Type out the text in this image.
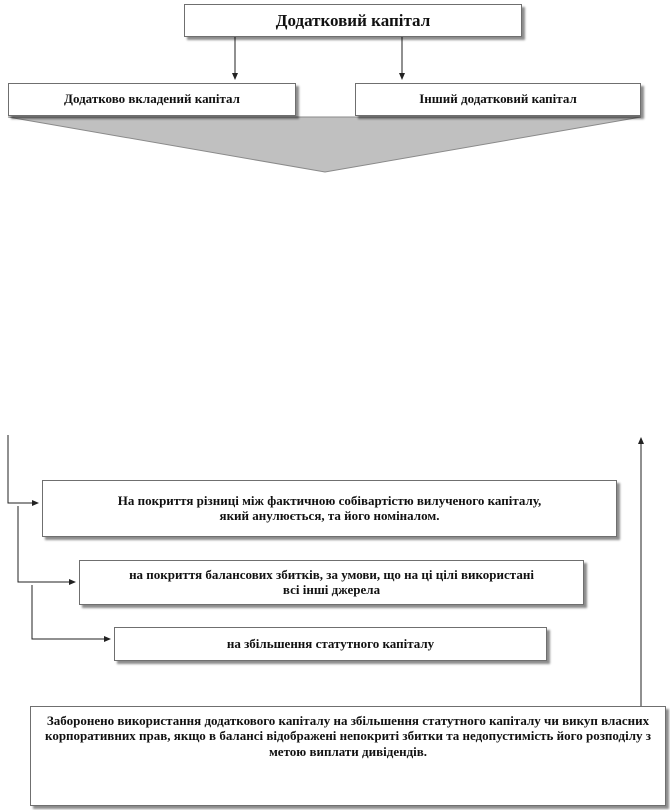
Додатковий капітал
Додатково вкладений капітал	Інший додатковий капітал
На покриття різниці між фактичною собівартістю вилученого капіталу,
який анулюється, та його номіналом.
на покриття балансових збитків, за умови, що на ці цілі використані
всі інші джерела
на збільшення статутного капіталу
Заборонено використання додаткового капіталу на збільшення статутного капіталу чи викуп власних корпоративних прав, якщо в балансі відображені непокриті збитки та недопустимість його розподілу з метою виплати дивідендів.
